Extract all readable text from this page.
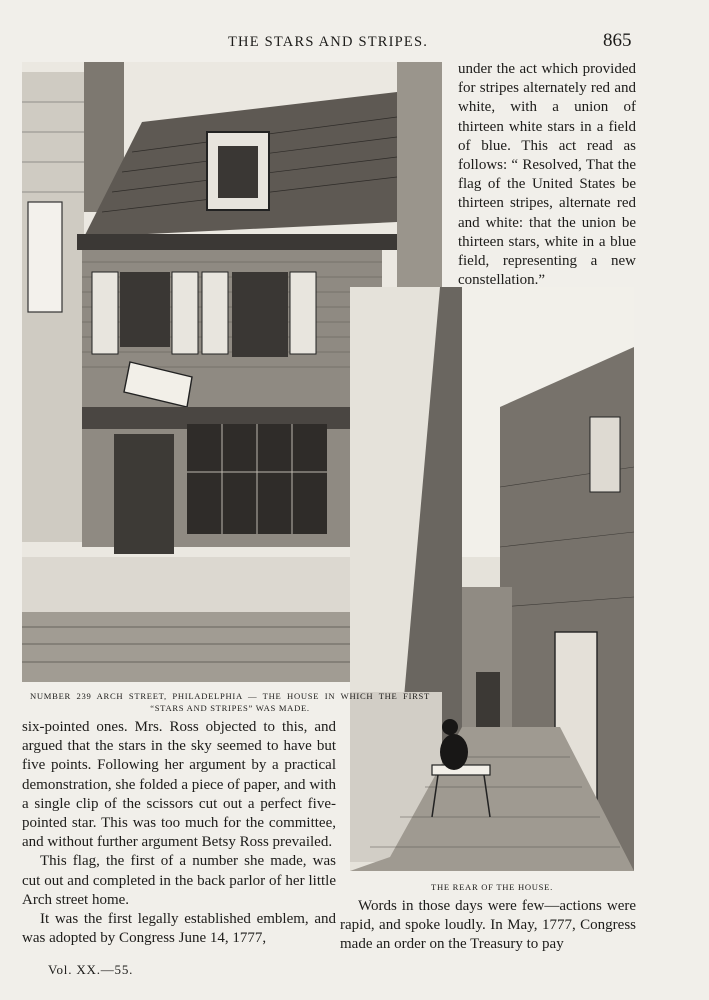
THE STARS AND STRIPES.	865
NUMBER 239 ARCH STREET, PHILADELPHIA — THE HOUSE IN WHICH THE FIRST “STARS AND STRIPES” WAS MADE.
THE REAR OF THE HOUSE.

under the act which provided for stripes alternately red and white, with a union of thirteen white stars in a field of blue. This act read as follows: “ Resolved, That the flag of the United States be thirteen stripes, alternate red and white: that the union be thirteen stars, white in a blue field, representing a new constellation.”

six-pointed ones. Mrs. Ross objected to this, and argued that the stars in the sky seemed to have but five points. Following her argument by a practical demonstration, she folded a piece of paper, and with a single clip of the scissors cut out a perfect five-pointed star. This was too much for the committee, and without further argument Betsy Ross prevailed.

This flag, the first of a number she made, was cut out and completed in the back parlor of her little Arch street home.

It was the first legally established emblem, and was adopted by Congress June 14, 1777,

Words in those days were few—actions were rapid, and spoke loudly. In May, 1777, Congress made an order on the Treasury to pay

Vol. XX.—55.
